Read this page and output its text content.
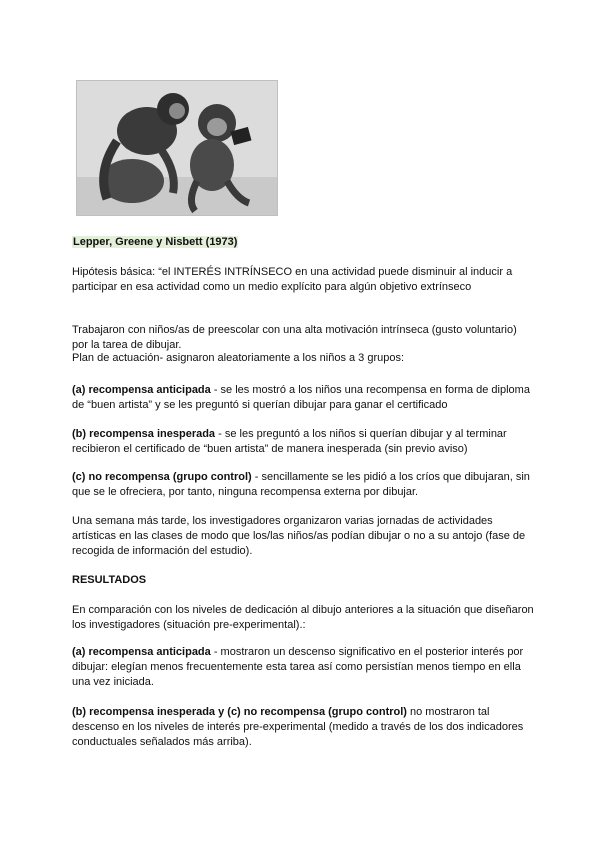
Lepper, Greene y Nisbett (1973)
Hipótesis básica: “el INTERÉS INTRÍNSECO en una actividad puede disminuir al inducir a participar en esa actividad como un medio explícito para algún objetivo extrínseco
Trabajaron con niños/as de preescolar con una alta motivación intrínseca (gusto voluntario) por la tarea de dibujar.
Plan de actuación- asignaron aleatoriamente a los niños a 3 grupos:
(a) recompensa anticipada - se les mostró a los niños una recompensa en forma de diploma de “buen artista” y se les preguntó si querían dibujar para ganar el certificado
(b) recompensa inesperada - se les preguntó a los niños si querían dibujar y al terminar recibieron el certificado de “buen artista” de manera inesperada (sin previo aviso)
(c) no recompensa (grupo control) - sencillamente se les pidió a los críos que dibujaran, sin que se le ofreciera, por tanto, ninguna recompensa externa por dibujar.
Una semana más tarde, los investigadores organizaron varias jornadas de actividades artísticas en las clases de modo que los/las niños/as podían dibujar o no a su antojo (fase de recogida de información del estudio).
RESULTADOS
En comparación con los niveles de dedicación al dibujo anteriores a la situación que diseñaron los investigadores (situación pre-experimental).:
(a) recompensa anticipada - mostraron un descenso significativo en el posterior interés por dibujar: elegían menos frecuentemente esta tarea así como persistían menos tiempo en ella una vez iniciada.
(b) recompensa inesperada y (c) no recompensa (grupo control) no mostraron tal descenso en los niveles de interés pre-experimental (medido a través de los dos indicadores conductuales señalados más arriba).
